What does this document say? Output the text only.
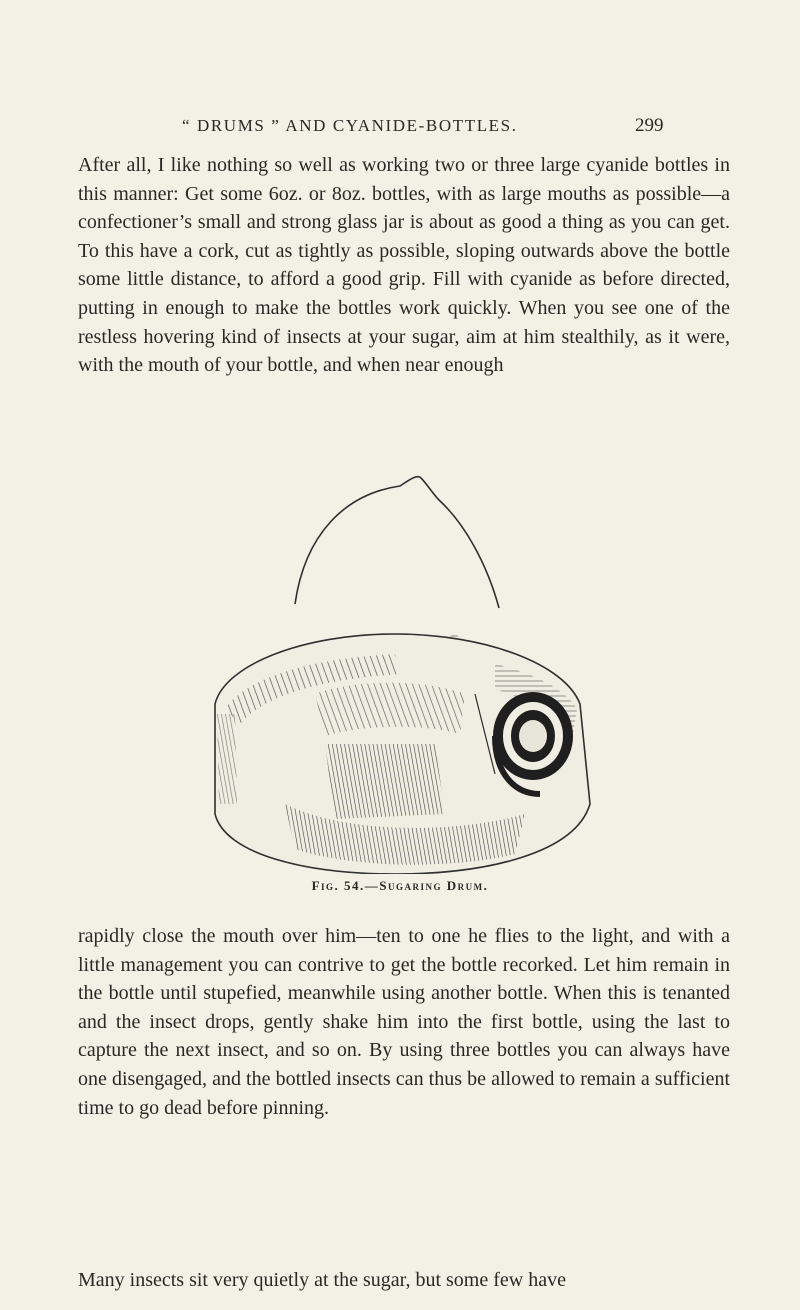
“ DRUMS ” AND CYANIDE-BOTTLES.	299

After all, I like nothing so well as working two or three large cyanide bottles in this manner: Get some 6oz. or 8oz. bottles, with as large mouths as possible—a confectioner’s small and strong glass jar is about as good a thing as you can get. To this have a cork, cut as tightly as possible, sloping outwards above the bottle some little distance, to afford a good grip. Fill with cyanide as before directed, putting in enough to make the bottles work quickly. When you see one of the restless hovering kind of insects at your sugar, aim at him stealthily, as it were, with the mouth of your bottle, and when near enough

Fig. 54.—Sugaring Drum.

rapidly close the mouth over him—ten to one he flies to the light, and with a little management you can contrive to get the bottle recorked. Let him remain in the bottle until stupefied, meanwhile using another bottle. When this is tenanted and the insect drops, gently shake him into the first bottle, using the last to capture the next insect, and so on. By using three bottles you can always have one disengaged, and the bottled insects can thus be allowed to remain a sufficient time to go dead before pinning.

Many insects sit very quietly at the sugar, but some few have
